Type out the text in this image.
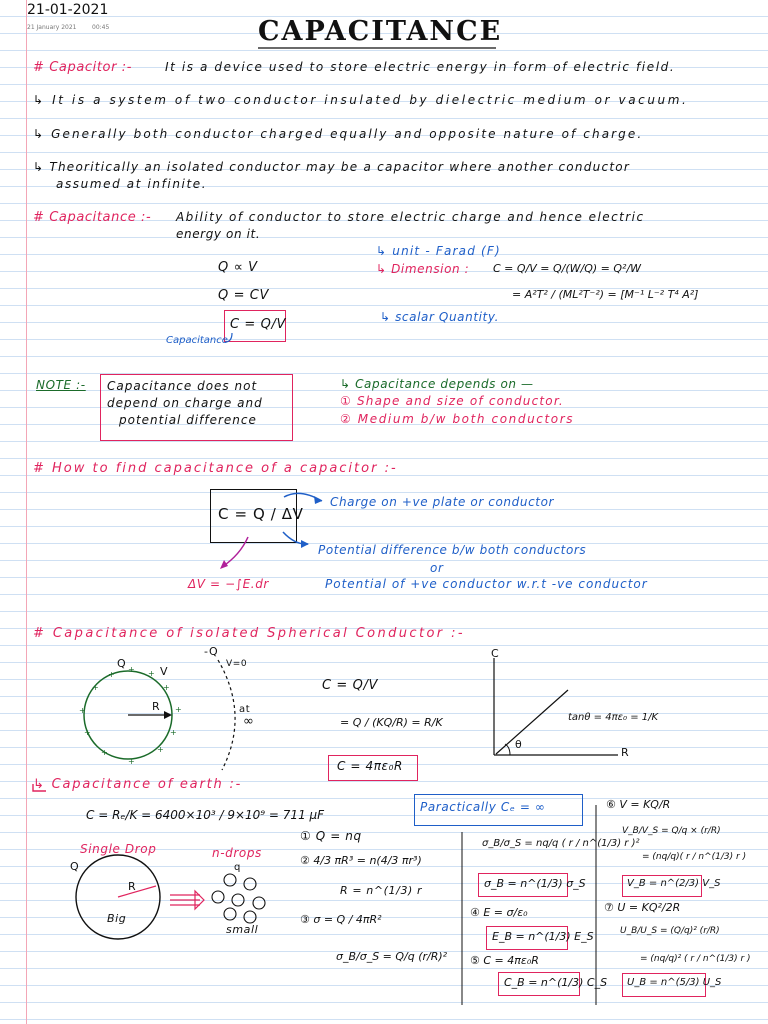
21-01-2021
21 January 2021	00:45	CAPACITANCE
# Capacitor :-	It is a device used to store electric energy in form of electric field.
↳ It is a system of two conductor insulated by dielectric medium or vacuum.
↳ Generally both conductor charged equally and opposite nature of charge.
↳ Theoritically an isolated conductor may be a capacitor where another conductor
assumed at infinite.
# Capacitance :- Ability of conductor to store electric charge and hence electric
energy on it.
Q ∝ V
Q = CV
C = Q/V
Capacitance
↳ unit - Farad (F)
↳ Dimension : C = Q/V = Q/(W/Q) = Q²/W
= A²T² / (ML²T⁻²) = [M⁻¹ L⁻² T⁴ A²]
↳ scalar Quantity.
NOTE :- Capacitance does not
depend on charge and
potential difference
↳ Capacitance depends on —
① Shape and size of conductor.
② Medium b/w both conductors
# How to find capacitance of a capacitor :-
C = Q / ΔV
Charge on +ve plate or conductor
Potential difference b/w both conductors
or
Potential of +ve conductor w.r.t -ve conductor
ΔV = −∫E.dr
# Capacitance of isolated Spherical Conductor :-
Q
V
-Q
V=0
at
∞
R
C = Q/V
= Q / (KQ/R) = R/K
C = 4πε₀R
C
R
θ
tanθ = 4πε₀ = 1/K
↳ Capacitance of earth :-
C = Rₑ/K = 6400×10³ / 9×10⁹ = 711 μF
Paractically Cₑ = ∞
Single Drop	n-drops
Q
R
Big
small
q
① Q = nq
② 4/3 πR³ = n(4/3 πr³)
R = n^(1/3) r
③ σ = Q / 4πR²
σ_B/σ_S = Q/q (r/R)²
σ_B/σ_S = nq/q ( r / n^(1/3) r )²
σ_B = n^(1/3) σ_S
④ E = σ/ε₀
E_B = n^(1/3) E_S
⑤ C = 4πε₀R
C_B = n^(1/3) C_S
⑥ V = KQ/R
V_B/V_S = Q/q × (r/R)
= (nq/q)( r / n^(1/3) r )
V_B = n^(2/3) V_S
⑦ U = KQ²/2R
U_B/U_S = (Q/q)² (r/R)
= (nq/q)² ( r / n^(1/3) r )
U_B = n^(5/3) U_S
+
+
+ +
+
+
+
+
+
+
+
+
